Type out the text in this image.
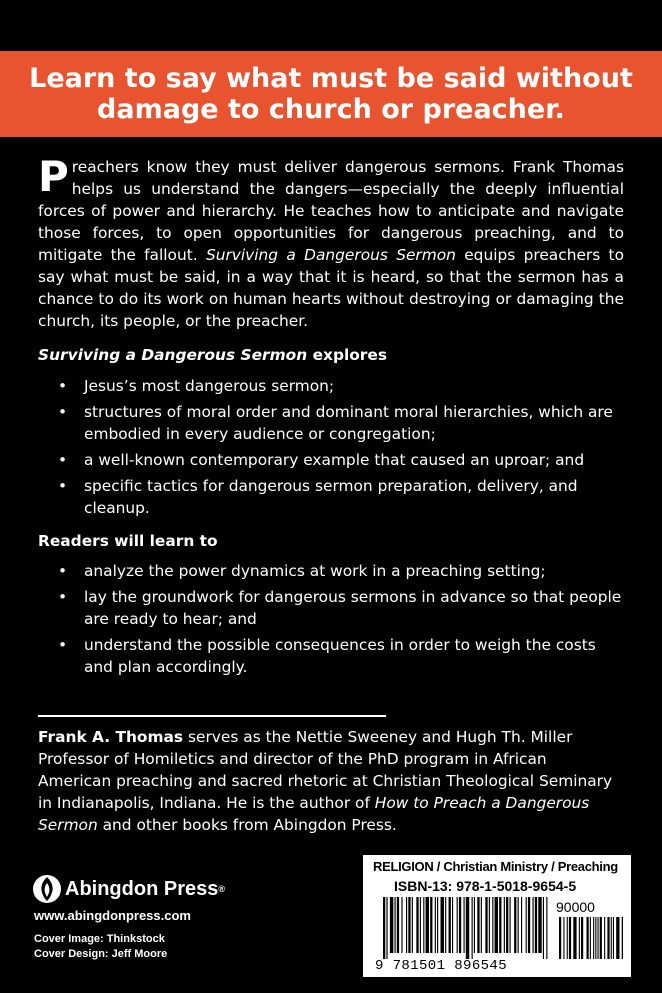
Learn to say what must be said without
damage to church or preacher.
Preachers know they must deliver dangerous sermons. Frank Thomas helps us understand the dangers—especially the deeply influential forces of power and hierarchy. He teaches how to anticipate and navigate those forces, to open opportunities for dangerous preaching, and to mitigate the fallout. Surviving a Dangerous Sermon equips preachers to say what must be said, in a way that it is heard, so that the sermon has a chance to do its work on human hearts without destroying or damaging the church, its people, or the preacher.
Surviving a Dangerous Sermon explores
• Jesus’s most dangerous sermon;
• structures of moral order and dominant moral hierarchies, which are embodied in every audience or congregation;
• a well-known contemporary example that caused an uproar; and
• specific tactics for dangerous sermon preparation, delivery, and cleanup.
Readers will learn to
• analyze the power dynamics at work in a preaching setting;
• lay the groundwork for dangerous sermons in advance so that people are ready to hear; and
• understand the possible consequences in order to weigh the costs and plan accordingly.
Frank A. Thomas serves as the Nettie Sweeney and Hugh Th. Miller Professor of Homiletics and director of the PhD program in African American preaching and sacred rhetoric at Christian Theological Seminary in Indianapolis, Indiana. He is the author of How to Preach a Dangerous Sermon and other books from Abingdon Press.
Abingdon Press ®
www.abingdonpress.com
Cover Image: Thinkstock
Cover Design: Jeff Moore
RELIGION / Christian Ministry / Preaching
ISBN-13: 978-1-5018-9654-5
90000
9 781501 896545
